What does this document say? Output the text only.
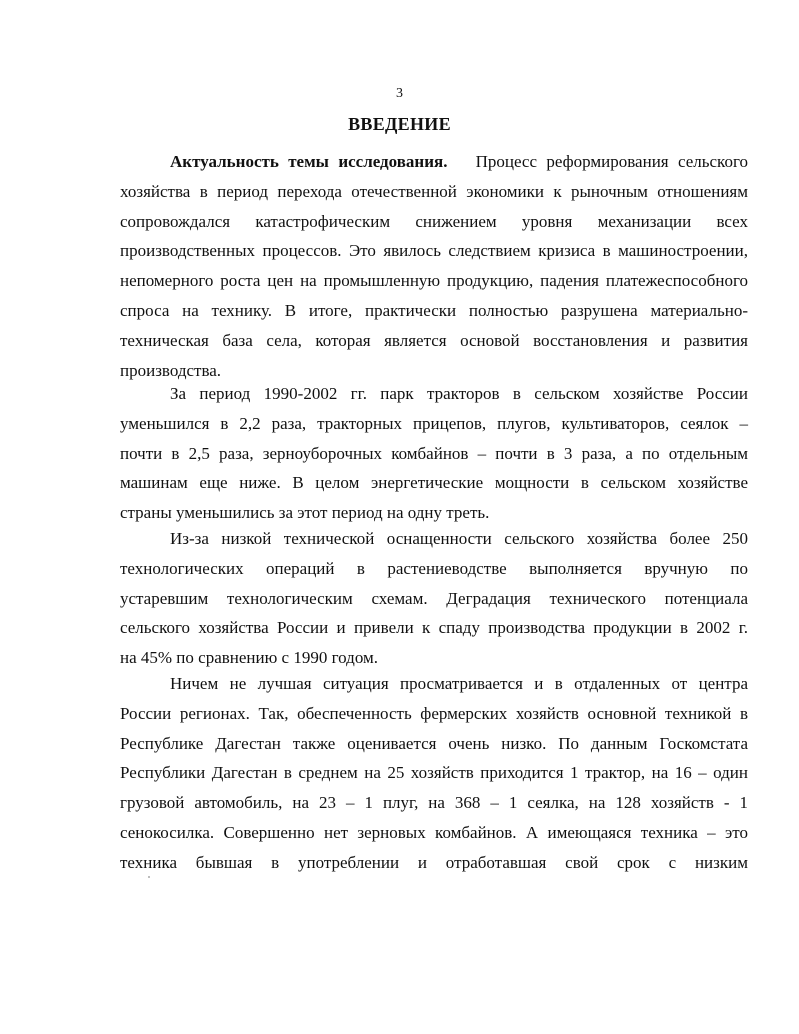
3
ВВЕДЕНИЕ
Актуальность темы исследования. Процесс реформирования сельского
хозяйства в период перехода отечественной экономики к рыночным отношениям
сопровождался катастрофическим снижением уровня механизации всех
производственных процессов. Это явилось следствием кризиса в машиностроении,
непомерного роста цен на промышленную продукцию, падения платежеспособного
спроса на технику. В итоге, практически полностью разрушена материально-
техническая база села, которая является основой восстановления и развития
производства.
За период 1990-2002 гг. парк тракторов в сельском хозяйстве России
уменьшился в 2,2 раза, тракторных прицепов, плугов, культиваторов, сеялок –
почти в 2,5 раза, зерноуборочных комбайнов – почти в 3 раза, а по отдельным
машинам еще ниже. В целом энергетические мощности в сельском хозяйстве
страны уменьшились за этот период на одну треть.
Из-за низкой технической оснащенности сельского хозяйства более 250
технологических операций в растениеводстве выполняется вручную по
устаревшим технологическим схемам. Деградация технического потенциала
сельского хозяйства России и привели к спаду производства продукции в 2002 г.
на 45% по сравнению с 1990 годом.
Ничем не лучшая ситуация просматривается и в отдаленных от центра
России регионах. Так, обеспеченность фермерских хозяйств основной техникой в
Республике Дагестан также оценивается очень низко. По данным Госкомстата
Республики Дагестан в среднем на 25 хозяйств приходится 1 трактор, на 16 – один
грузовой автомобиль, на 23 – 1 плуг, на 368 – 1 сеялка, на 128 хозяйств - 1
сенокосилка. Совершенно нет зерновых комбайнов. А имеющаяся техника – это
техника бывшая в употреблении и отработавшая свой срок с низким
